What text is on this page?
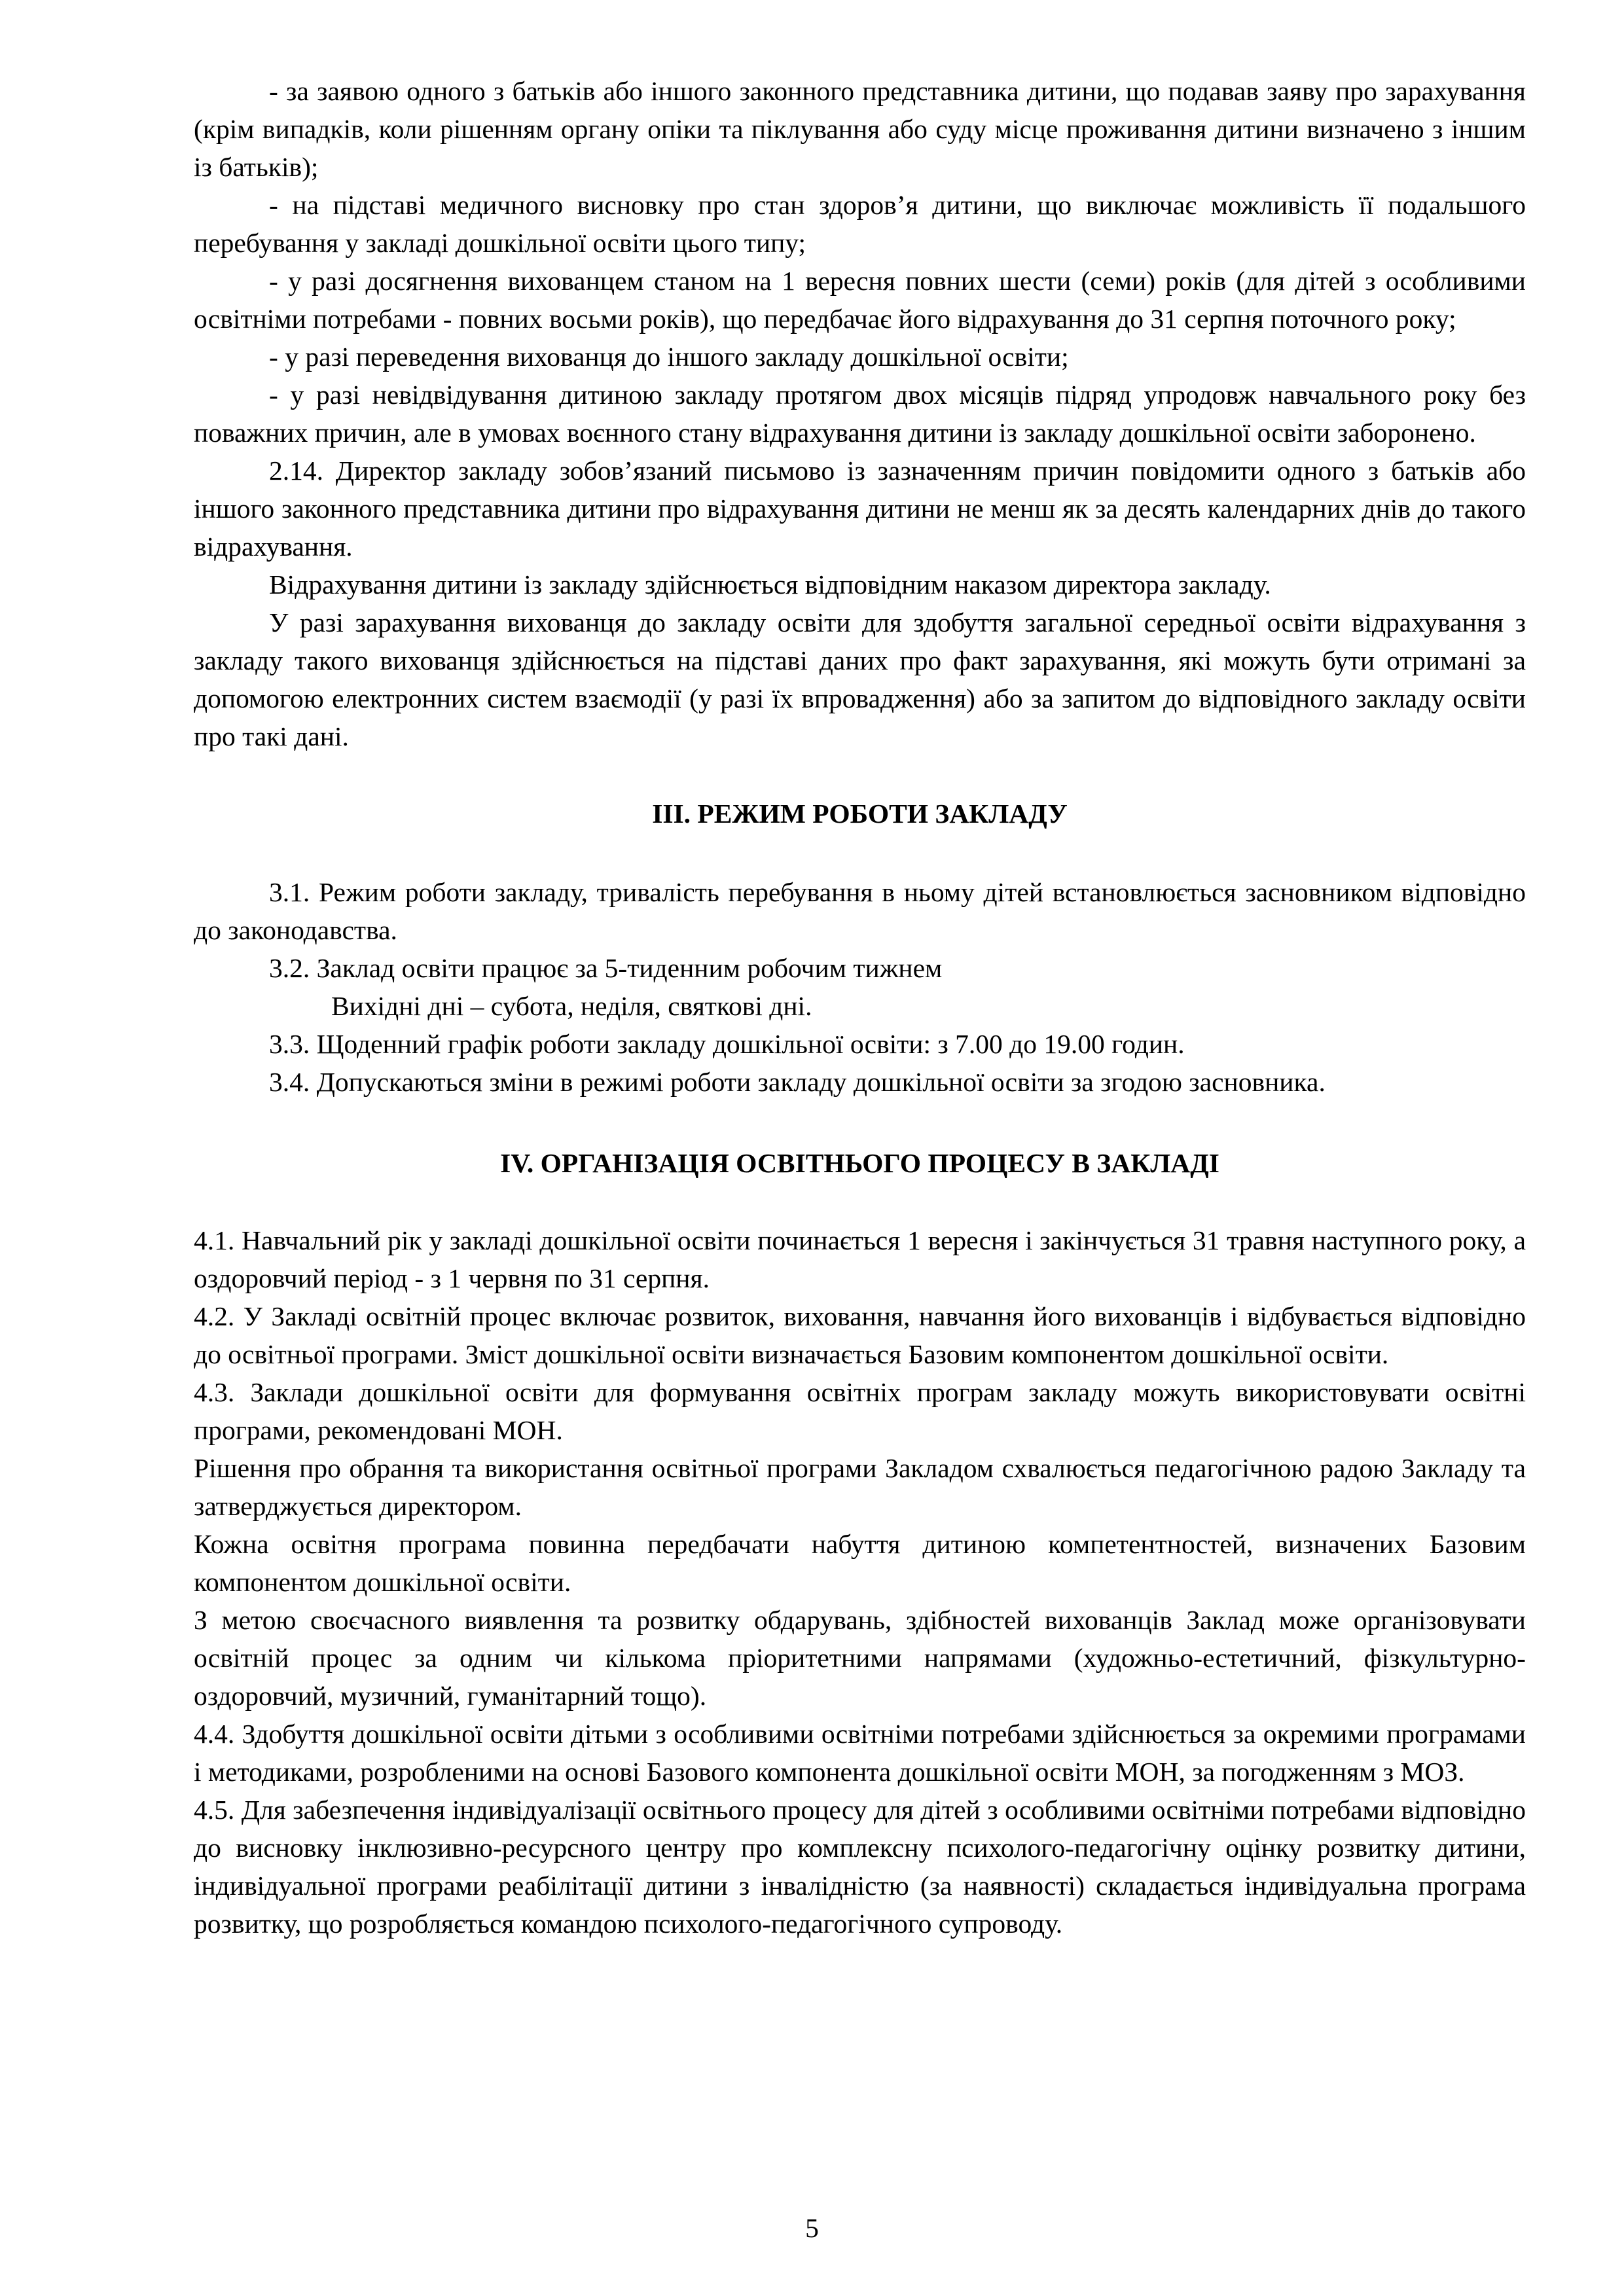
- за заявою одного з батьків або іншого законного представника дитини, що подавав заяву про зарахування (крім випадків, коли рішенням органу опіки та піклування або суду місце проживання дитини визначено з іншим із батьків);

- на підставі медичного висновку про стан здоров’я дитини, що виключає можливість її подальшого перебування у закладі дошкільної освіти цього типу;

- у разі досягнення вихованцем станом на 1 вересня повних шести (семи) років (для дітей з особливими освітніми потребами - повних восьми років), що передбачає його відрахування до 31 серпня поточного року;

- у разі переведення вихованця до іншого закладу дошкільної освіти;

- у разі невідвідування дитиною закладу протягом двох місяців підряд упродовж навчального року без поважних причин, але в умовах воєнного стану відрахування дитини із закладу дошкільної освіти заборонено.

2.14. Директор закладу зобов’язаний письмово із зазначенням причин повідомити одного з батьків або іншого законного представника дитини про відрахування дитини не менш як за десять календарних днів до такого відрахування.

Відрахування дитини із закладу здійснюється відповідним наказом директора закладу.

У разі зарахування вихованця до закладу освіти для здобуття загальної середньої освіти відрахування з закладу такого вихованця здійснюється на підставі даних про факт зарахування, які можуть бути отримані за допомогою електронних систем взаємодії (у разі їх впровадження) або за запитом до відповідного закладу освіти про такі дані.

ІІІ. РЕЖИМ РОБОТИ ЗАКЛАДУ

3.1. Режим роботи закладу, тривалість перебування в ньому дітей встановлюється засновником відповідно до законодавства.

3.2. Заклад освіти працює за 5-тиденним робочим тижнем

Вихідні дні – субота, неділя, святкові дні.

3.3. Щоденний графік роботи закладу дошкільної освіти: з 7.00 до 19.00 годин.

3.4. Допускаються зміни в режимі роботи закладу дошкільної освіти за згодою засновника.

ІV. ОРГАНІЗАЦІЯ ОСВІТНЬОГО ПРОЦЕСУ В ЗАКЛАДІ

4.1. Навчальний рік у закладі дошкільної освіти починається 1 вересня і закінчується 31 травня наступного року, а оздоровчий період - з 1 червня по 31 серпня.

4.2. У Закладі освітній процес включає розвиток, виховання, навчання його вихованців і відбувається відповідно до освітньої програми. Зміст дошкільної освіти визначається Базовим компонентом дошкільної освіти.

4.3. Заклади дошкільної освіти для формування освітніх програм закладу можуть використовувати освітні програми, рекомендовані МОН.

Рішення про обрання та використання освітньої програми Закладом схвалюється педагогічною радою Закладу та затверджується директором.

Кожна освітня програма повинна передбачати набуття дитиною компетентностей, визначених Базовим компонентом дошкільної освіти.

З метою своєчасного виявлення та розвитку обдарувань, здібностей вихованців Заклад може організовувати освітній процес за одним чи кількома пріоритетними напрямами (художньо-естетичний, фізкультурно-оздоровчий, музичний, гуманітарний тощо).

4.4. Здобуття дошкільної освіти дітьми з особливими освітніми потребами здійснюється за окремими програмами і методиками, розробленими на основі Базового компонента дошкільної освіти МОН, за погодженням з МОЗ.

4.5. Для забезпечення індивідуалізації освітнього процесу для дітей з особливими освітніми потребами відповідно до висновку інклюзивно-ресурсного центру про комплексну психолого-педагогічну оцінку розвитку дитини, індивідуальної програми реабілітації дитини з інвалідністю (за наявності) складається індивідуальна програма розвитку, що розробляється командою психолого-педагогічного супроводу.

5
